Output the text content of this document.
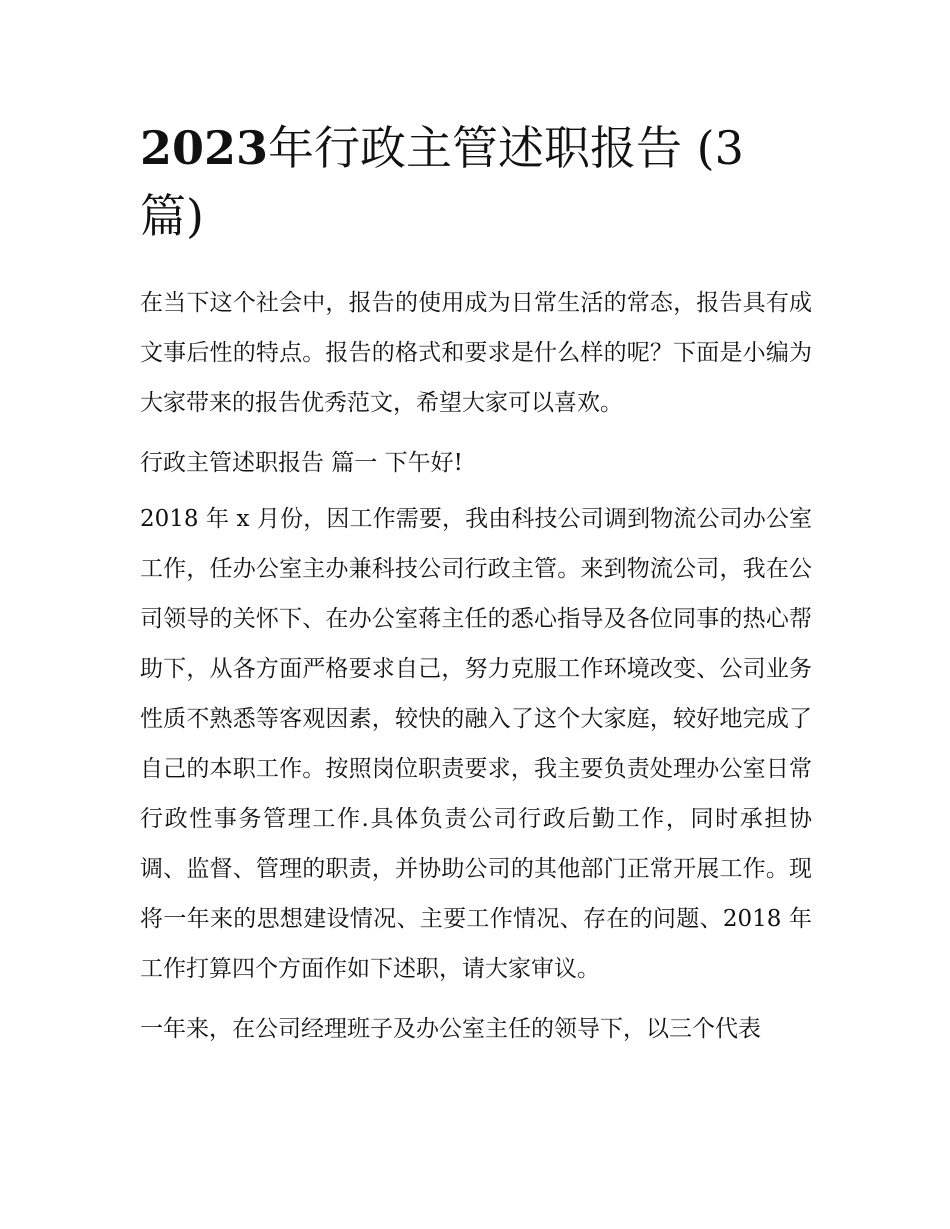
2023年行政主管述职报告 (3 篇)

在当下这个社会中，报告的使用成为日常生活的常态，报告具有成文事后性的特点。报告的格式和要求是什么样的呢？下面是小编为大家带来的报告优秀范文，希望大家可以喜欢。

行政主管述职报告 篇一 下午好!

2018 年 x 月份，因工作需要，我由科技公司调到物流公司办公室工作，任办公室主办兼科技公司行政主管。来到物流公司，我在公司领导的关怀下、在办公室蒋主任的悉心指导及各位同事的热心帮助下，从各方面严格要求自己，努力克服工作环境改变、公司业务性质不熟悉等客观因素，较快的融入了这个大家庭，较好地完成了自己的本职工作。按照岗位职责要求，我主要负责处理办公室日常行政性事务管理工作.具体负责公司行政后勤工作，同时承担协调、监督、管理的职责，并协助公司的其他部门正常开展工作。现将一年来的思想建设情况、主要工作情况、存在的问题、2018 年工作打算四个方面作如下述职，请大家审议。

一年来，在公司经理班子及办公室主任的领导下，以三个代表
